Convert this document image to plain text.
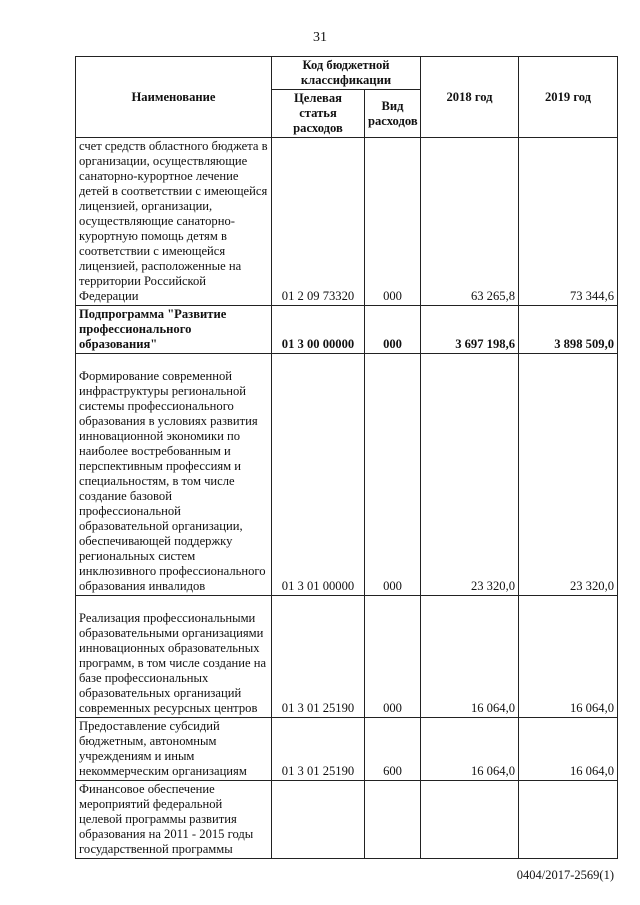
31
Наименование	Код бюджетной классификации		2018 год	2019 год
	Целевая статья расходов	Вид расходов		
счет средств областного бюджета в организации, осуществляющие санаторно-курортное лечение детей в соответствии с имеющейся лицензией, организации, осуществляющие санаторно-курортную помощь детям в соответствии с имеющейся лицензией, расположенные на территории Российской Федерации	01 2 09 73320	000	63 265,8	73 344,6
Подпрограмма "Развитие профессионального образования"	01 3 00 00000	000	3 697 198,6	3 898 509,0
Формирование современной инфраструктуры региональной системы профессионального образования в условиях развития инновационной экономики по наиболее востребованным и перспективным профессиям и специальностям, в том числе создание базовой профессиональной образовательной организации, обеспечивающей поддержку региональных систем инклюзивного профессионального образования инвалидов	01 3 01 00000	000	23 320,0	23 320,0
Реализация профессиональными образовательными организациями инновационных образовательных программ, в том числе создание на базе профессиональных образовательных организаций современных ресурсных центров	01 3 01 25190	000	16 064,0	16 064,0
Предоставление субсидий бюджетным, автономным учреждениям и иным некоммерческим организациям	01 3 01 25190	600	16 064,0	16 064,0
Финансовое обеспечение мероприятий федеральной целевой программы развития образования на 2011 - 2015 годы государственной программы				
0404/2017-2569(1)
